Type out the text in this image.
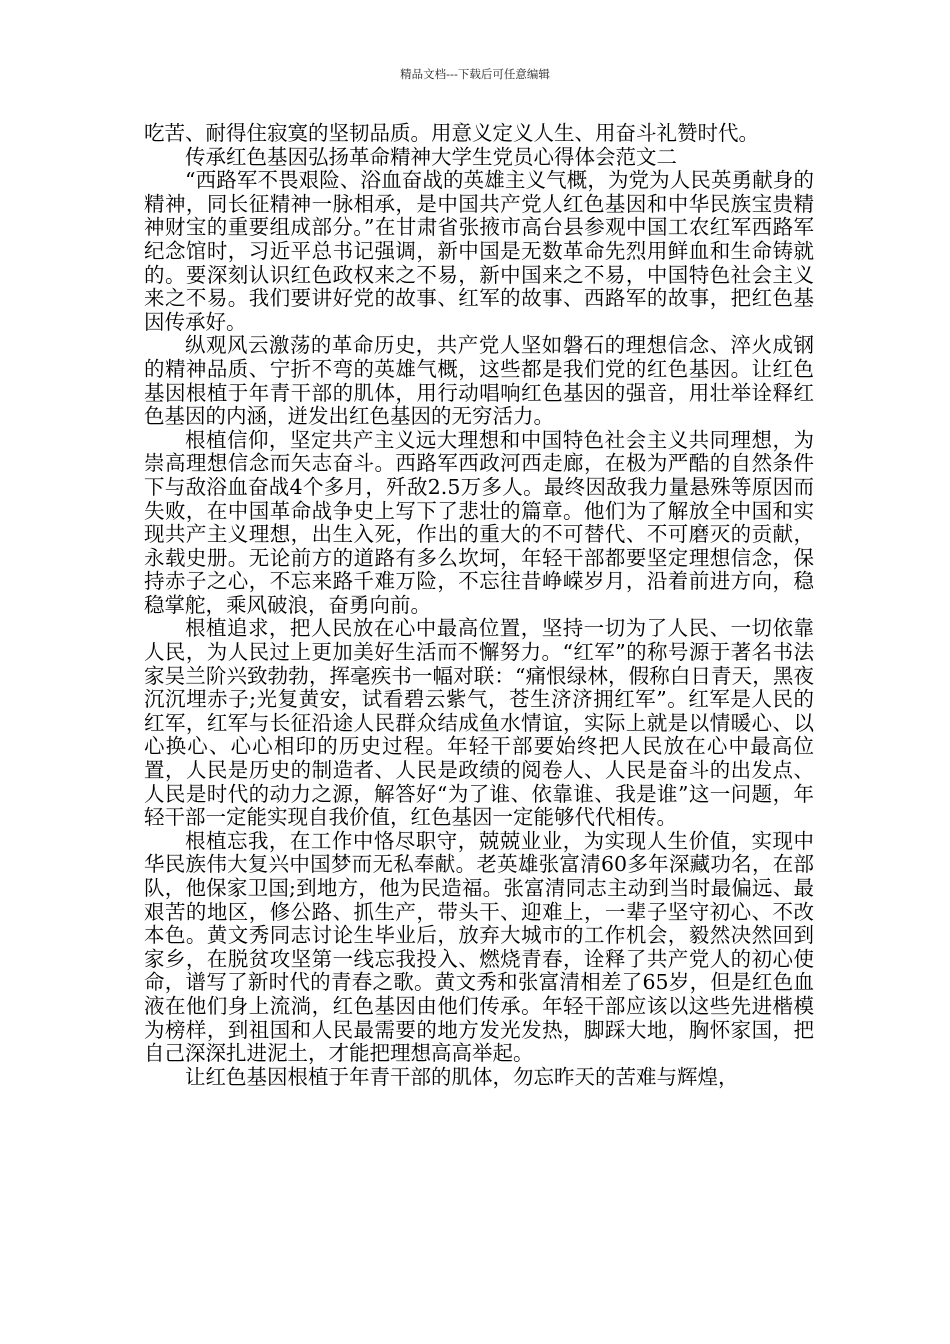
精品文档---下载后可任意编辑

吃苦、耐得住寂寞的坚韧品质。用意义定义人生、用奋斗礼赞时代。

传承红色基因弘扬革命精神大学生党员心得体会范文二

“西路军不畏艰险、浴血奋战的英雄主义气概，为党为人民英勇献身的精神，同长征精神一脉相承，是中国共产党人红色基因和中华民族宝贵精神财宝的重要组成部分。”在甘肃省张掖市高台县参观中国工农红军西路军纪念馆时，习近平总书记强调，新中国是无数革命先烈用鲜血和生命铸就的。要深刻认识红色政权来之不易，新中国来之不易，中国特色社会主义来之不易。我们要讲好党的故事、红军的故事、西路军的故事，把红色基因传承好。

纵观风云激荡的革命历史，共产党人坚如磐石的理想信念、淬火成钢的精神品质、宁折不弯的英雄气概，这些都是我们党的红色基因。让红色基因根植于年青干部的肌体，用行动唱响红色基因的强音，用壮举诠释红色基因的内涵，迸发出红色基因的无穷活力。

根植信仰，坚定共产主义远大理想和中国特色社会主义共同理想，为崇高理想信念而矢志奋斗。西路军西政河西走廊，在极为严酷的自然条件下与敌浴血奋战4个多月，歼敌2.5万多人。最终因敌我力量悬殊等原因而失败，在中国革命战争史上写下了悲壮的篇章。他们为了解放全中国和实现共产主义理想，出生入死，作出的重大的不可替代、不可磨灭的贡献，永载史册。无论前方的道路有多么坎坷，年轻干部都要坚定理想信念，保持赤子之心，不忘来路千难万险，不忘往昔峥嵘岁月，沿着前进方向，稳稳掌舵，乘风破浪，奋勇向前。

根植追求，把人民放在心中最高位置，坚持一切为了人民、一切依靠人民，为人民过上更加美好生活而不懈努力。“红军”的称号源于著名书法家吴兰阶兴致勃勃，挥毫疾书一幅对联：“痛恨绿林，假称白日青天，黑夜沉沉埋赤子;光复黄安，试看碧云紫气，苍生济济拥红军”。红军是人民的红军，红军与长征沿途人民群众结成鱼水情谊，实际上就是以情暖心、以心换心、心心相印的历史过程。年轻干部要始终把人民放在心中最高位置，人民是历史的制造者、人民是政绩的阅卷人、人民是奋斗的出发点、人民是时代的动力之源，解答好“为了谁、依靠谁、我是谁”这一问题，年轻干部一定能实现自我价值，红色基因一定能够代代相传。

根植忘我，在工作中恪尽职守，兢兢业业，为实现人生价值，实现中华民族伟大复兴中国梦而无私奉献。老英雄张富清60多年深藏功名，在部队，他保家卫国;到地方，他为民造福。张富清同志主动到当时最偏远、最艰苦的地区，修公路、抓生产，带头干、迎难上，一辈子坚守初心、不改本色。黄文秀同志讨论生毕业后，放弃大城市的工作机会，毅然决然回到家乡，在脱贫攻坚第一线忘我投入、燃烧青春，诠释了共产党人的初心使命，谱写了新时代的青春之歌。黄文秀和张富清相差了65岁，但是红色血液在他们身上流淌，红色基因由他们传承。年轻干部应该以这些先进楷模为榜样，到祖国和人民最需要的地方发光发热，脚踩大地，胸怀家国，把自己深深扎进泥土，才能把理想高高举起。

让红色基因根植于年青干部的肌体，勿忘昨天的苦难与辉煌，
